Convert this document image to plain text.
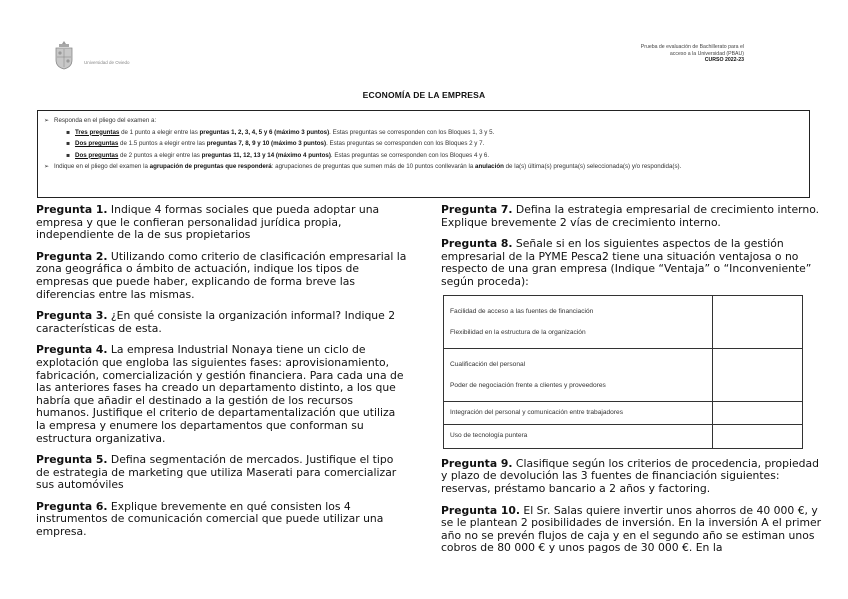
Universidad de Oviedo
Prueba de evaluación de Bachillerato para el
acceso a la Universidad (PBAU)
CURSO 2022-23
ECONOMÍA DE LA EMPRESA
➢ Responda en el pliego del examen a:
▪ Tres preguntas de 1 punto a elegir entre las preguntas 1, 2, 3, 4, 5 y 6 (máximo 3 puntos). Estas preguntas se corresponden con los Bloques 1, 3 y 5.
▪ Dos preguntas de 1.5 puntos a elegir entre las preguntas 7, 8, 9 y 10 (máximo 3 puntos). Estas preguntas se corresponden con los Bloques 2 y 7.
▪ Dos preguntas de 2 puntos a elegir entre las preguntas 11, 12, 13 y 14 (máximo 4 puntos). Estas preguntas se corresponden con los Bloques 4 y 6.
➢ Indique en el pliego del examen la agrupación de preguntas que responderá: agrupaciones de preguntas que sumen más de 10 puntos conllevarán la anulación de la(s) última(s) pregunta(s) seleccionada(s) y/o respondida(s).

Pregunta 1. Indique 4 formas sociales que pueda adoptar una empresa y que le confieran personalidad jurídica propia, independiente de la de sus propietarios

Pregunta 2. Utilizando como criterio de clasificación empresarial la zona geográfica o ámbito de actuación, indique los tipos de empresas que puede haber, explicando de forma breve las diferencias entre las mismas.

Pregunta 3. ¿En qué consiste la organización informal? Indique 2 características de esta.

Pregunta 4. La empresa Industrial Nonaya tiene un ciclo de explotación que engloba las siguientes fases: aprovisionamiento, fabricación, comercialización y gestión financiera. Para cada una de las anteriores fases ha creado un departamento distinto, a los que habría que añadir el destinado a la gestión de los recursos humanos. Justifique el criterio de departamentalización que utiliza la empresa y enumere los departamentos que conforman su estructura organizativa.

Pregunta 5. Defina segmentación de mercados. Justifique el tipo de estrategia de marketing que utiliza Maserati para comercializar sus automóviles

Pregunta 6. Explique brevemente en qué consisten los 4 instrumentos de comunicación comercial que puede utilizar una empresa.

Pregunta 7. Defina la estrategia empresarial de crecimiento interno. Explique brevemente 2 vías de crecimiento interno.

Pregunta 8. Señale si en los siguientes aspectos de la gestión empresarial de la PYME Pesca2 tiene una situación ventajosa o no respecto de una gran empresa (Indique “Ventaja” o “Inconveniente” según proceda):

Facilidad de acceso a las fuentes de financiación
Flexibilidad en la estructura de la organización	

Cualificación del personal
Poder de negociación frente a clientes y proveedores	

Integración del personal y comunicación entre trabajadores	
Uso de tecnología puntera	

Pregunta 9. Clasifique según los criterios de procedencia, propiedad y plazo de devolución las 3 fuentes de financiación siguientes: reservas, préstamo bancario a 2 años y factoring.

Pregunta 10. El Sr. Salas quiere invertir unos ahorros de 40 000 €, y se le plantean 2 posibilidades de inversión. En la inversión A el primer año no se prevén flujos de caja y en el segundo año se estiman unos cobros de 80 000 € y unos pagos de 30 000 €. En la
